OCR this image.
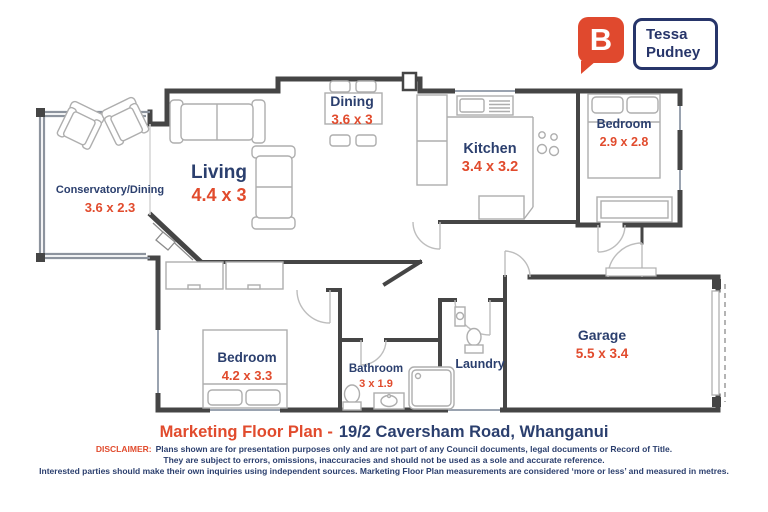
B Tessa
Pudney
Conservatory/Dining
3.6 x 2.3
Living
4.4 x 3
Dining
3.6 x 3
Kitchen
3.4 x 3.2
Bedroom
2.9 x 2.8
Bedroom
4.2 x 3.3	Bathroom
3 x 1.9
Laundry
Garage
5.5 x 3.4
Marketing Floor Plan - 19/2 Caversham Road, Whanganui
DISCLAIMER: Plans shown are for presentation purposes only and are not part of any Council documents, legal documents or Record of Title.
They are subject to errors, omissions, inaccuracies and should not be used as a sole and accurate reference.
Interested parties should make their own inquiries using independent sources. Marketing Floor Plan measurements are considered ‘more or less’ and measured in metres.
